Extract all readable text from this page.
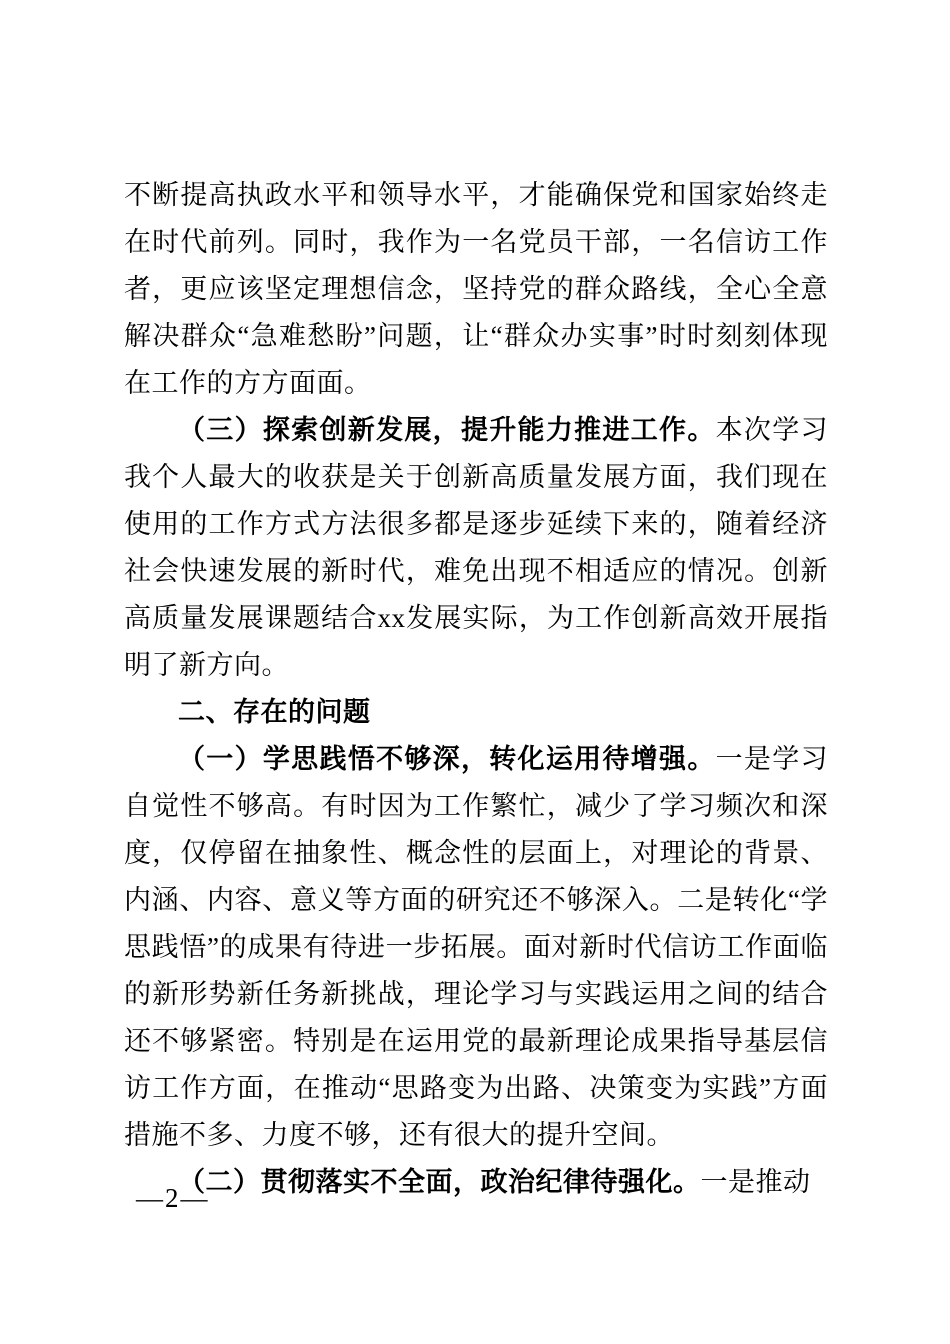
不断提高执政水平和领导水平，才能确保党和国家始终走在时代前列。同时，我作为一名党员干部，一名信访工作者，更应该坚定理想信念，坚持党的群众路线，全心全意解决群众“急难愁盼”问题，让“群众办实事”时时刻刻体现在工作的方方面面。

（三）探索创新发展，提升能力推进工作。本次学习我个人最大的收获是关于创新高质量发展方面，我们现在使用的工作方式方法很多都是逐步延续下来的，随着经济社会快速发展的新时代，难免出现不相适应的情况。创新高质量发展课题结合xx发展实际，为工作创新高效开展指明了新方向。

二、存在的问题

（一）学思践悟不够深，转化运用待增强。一是学习自觉性不够高。有时因为工作繁忙，减少了学习频次和深度，仅停留在抽象性、概念性的层面上，对理论的背景、内涵、内容、意义等方面的研究还不够深入。二是转化“学思践悟”的成果有待进一步拓展。面对新时代信访工作面临的新形势新任务新挑战，理论学习与实践运用之间的结合还不够紧密。特别是在运用党的最新理论成果指导基层信访工作方面，在推动“思路变为出路、决策变为实践”方面措施不多、力度不够，还有很大的提升空间。

（二）贯彻落实不全面，政治纪律待强化。一是推动

—2—
